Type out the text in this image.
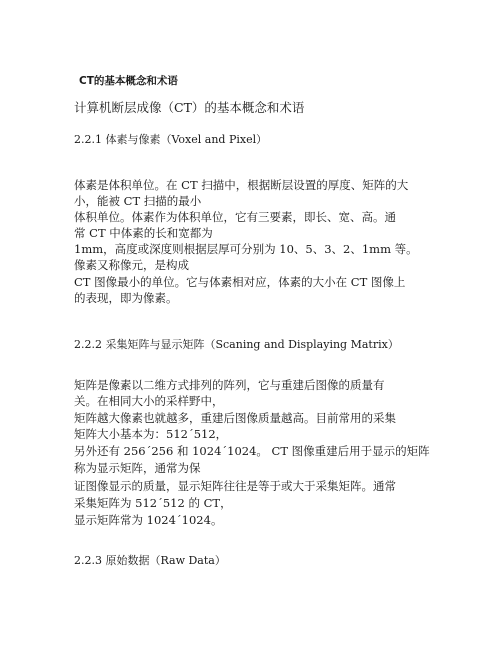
CT的基本概念和术语
计算机断层成像（CT）的基本概念和术语
2.2.1 体素与像素（Voxel and Pixel）
体素是体积单位。在 CT 扫描中，根据断层设置的厚度、矩阵的大
小，能被 CT 扫描的最小
体积单位。体素作为体积单位，它有三要素，即长、宽、高。通
常 CT 中体素的长和宽都为
1mm，高度或深度则根据层厚可分别为 10、5、3、2、1mm 等。
像素又称像元，是构成
CT 图像最小的单位。它与体素相对应，体素的大小在 CT 图像上
的表现，即为像素。
2.2.2 采集矩阵与显示矩阵（Scaning and Displaying Matrix）
矩阵是像素以二维方式排列的阵列，它与重建后图像的质量有
关。在相同大小的采样野中，
矩阵越大像素也就越多，重建后图像质量越高。目前常用的采集
矩阵大小基本为：512´512，
另外还有 256´256 和 1024´1024。 CT 图像重建后用于显示的矩阵
称为显示矩阵，通常为保
证图像显示的质量，显示矩阵往往是等于或大于采集矩阵。通常
采集矩阵为 512´512 的 CT，
显示矩阵常为 1024´1024。
2.2.3 原始数据（Raw Data）
